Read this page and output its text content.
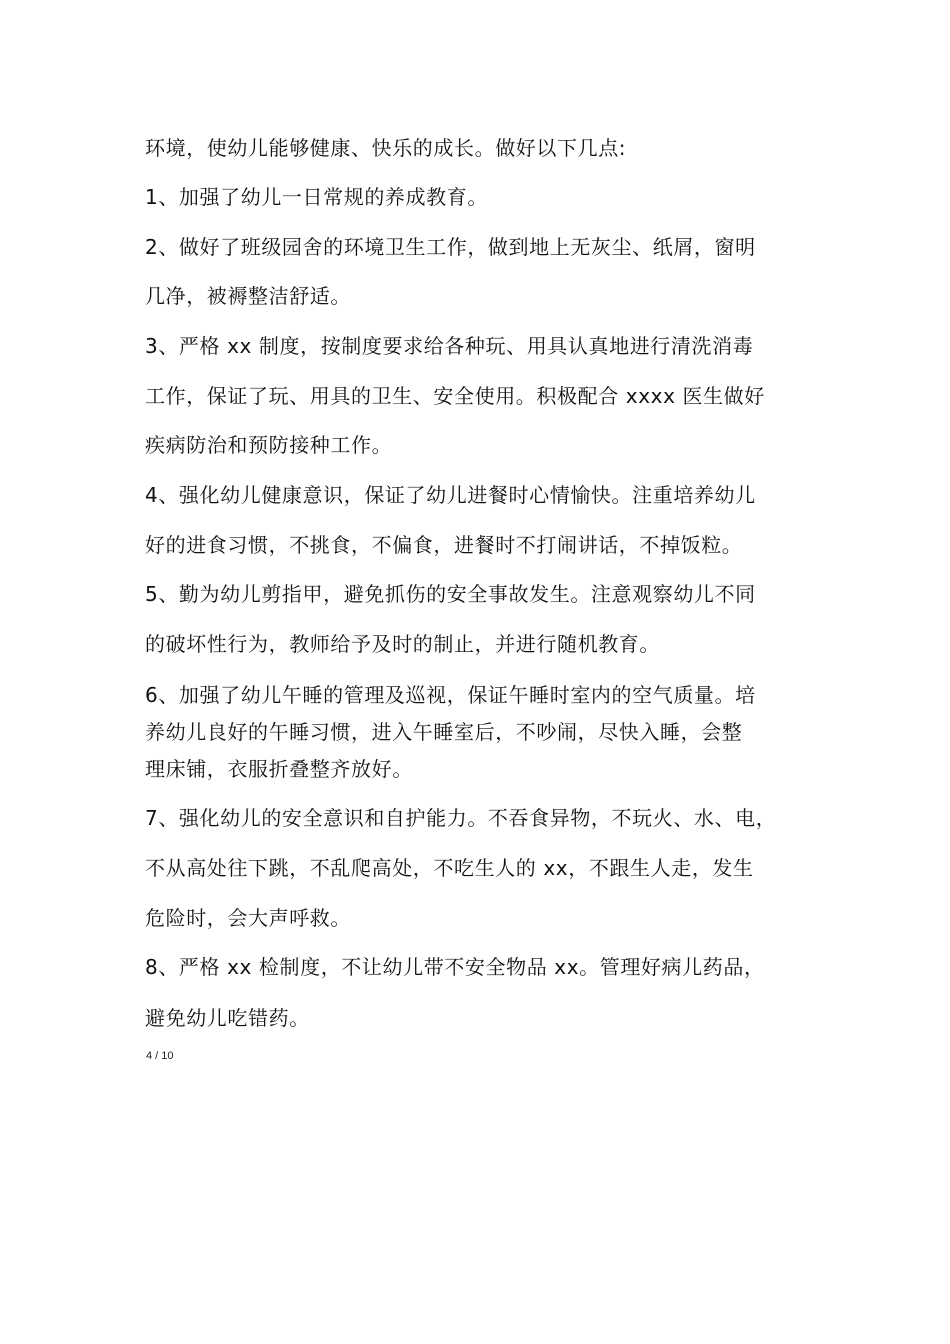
环境，使幼儿能够健康、快乐的成长。做好以下几点:
1、加强了幼儿一日常规的养成教育。
2、做好了班级园舍的环境卫生工作，做到地上无灰尘、纸屑，窗明
几净，被褥整洁舒适。
3、严格 xx 制度，按制度要求给各种玩、用具认真地进行清洗消毒
工作，保证了玩、用具的卫生、安全使用。积极配合 xxxx 医生做好
疾病防治和预防接种工作。
4、强化幼儿健康意识，保证了幼儿进餐时心情愉快。注重培养幼儿
好的进食习惯，不挑食，不偏食，进餐时不打闹讲话，不掉饭粒。
5、勤为幼儿剪指甲，避免抓伤的安全事故发生。注意观察幼儿不同
的破坏性行为，教师给予及时的制止，并进行随机教育。
6、加强了幼儿午睡的管理及巡视，保证午睡时室内的空气质量。培
养幼儿良好的午睡习惯，进入午睡室后，不吵闹，尽快入睡，会整
理床铺，衣服折叠整齐放好。
7、强化幼儿的安全意识和自护能力。不吞食异物，不玩火、水、电，
不从高处往下跳，不乱爬高处，不吃生人的 xx，不跟生人走，发生
危险时，会大声呼救。
8、严格 xx 检制度，不让幼儿带不安全物品 xx。管理好病儿药品，
避免幼儿吃错药。
4 / 10
